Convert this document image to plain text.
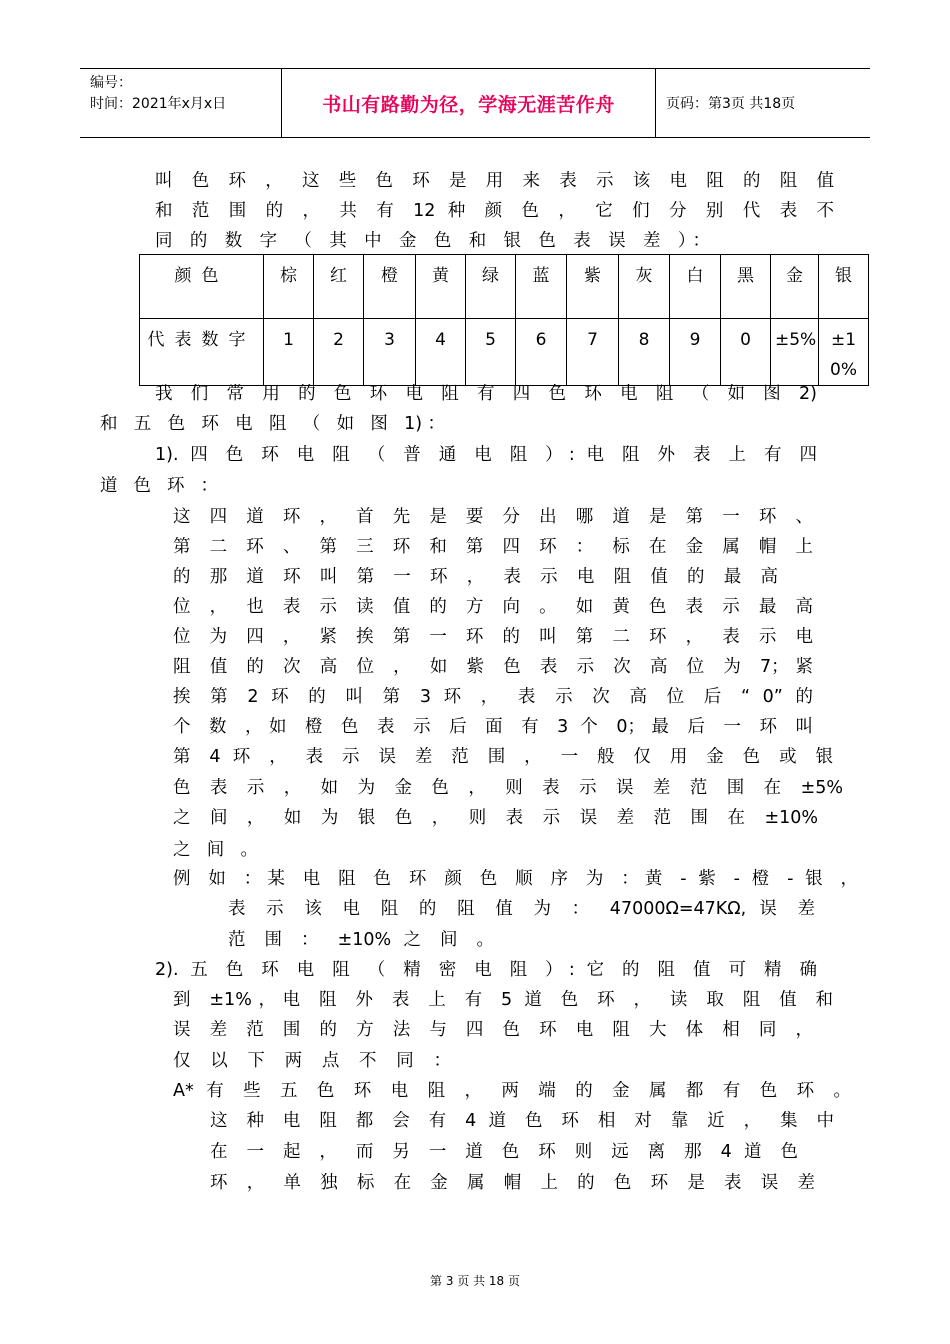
编号：
时间：2021年x月x日	书山有路勤为径，学海无涯苦作舟	页码：第3页 共18页
叫 色 环 ， 这 些 色 环 是 用 来 表 示 该 电 阻 的 阻 值
和 范 围 的 ， 共 有 12 种 颜 色 ， 它 们 分 别 代 表 不
同 的 数 字 （ 其 中 金 色 和 银 色 表 误 差 ）：
颜色	棕	红	橙	黄	绿	蓝	紫	灰	白	黑	金	银
代表数字	1	2	3	4	5	6	7	8	9	0	±5%	±10%
我 们 常 用 的 色 环 电 阻 有 四 色 环 电 阻 （ 如 图 2)
和 五 色 环 电 阻 （ 如 图 1)：
1). 四 色 环 电 阻 （ 普 通 电 阻 ）: 电 阻 外 表 上 有 四
道 色 环 ：
这 四 道 环 ， 首 先 是 要 分 出 哪 道 是 第 一 环 、
第 二 环 、 第 三 环 和 第 四 环 ： 标 在 金 属 帽 上
的 那 道 环 叫 第 一 环 ， 表 示 电 阻 值 的 最 高
位 ， 也 表 示 读 值 的 方 向 。 如 黄 色 表 示 最 高
位 为 四 ， 紧 挨 第 一 环 的 叫 第 二 环 ， 表 示 电
阻 值 的 次 高 位 ， 如 紫 色 表 示 次 高 位 为 7；紧
挨 第 2 环 的 叫 第 3 环 ， 表 示 次 高 位 后 “ 0” 的
个 数 ，如 橙 色 表 示 后 面 有 3 个 0；最 后 一 环 叫
第 4 环 ， 表 示 误 差 范 围 ， 一 般 仅 用 金 色 或 银
色 表 示 ， 如 为 金 色 ， 则 表 示 误 差 范 围 在 ±5%
之 间 ， 如 为 银 色 ， 则 表 示 误 差 范 围 在 ±10%
之 间 。
例 如 ：某 电 阻 色 环 颜 色 顺 序 为 ：黄 - 紫 - 橙 - 银 ，
表 示 该 电 阻 的 阻 值 为 ： 47000Ω=47KΩ, 误 差
范 围 ： ±10% 之 间 。
2). 五 色 环 电 阻 （ 精 密 电 阻 ）: 它 的 阻 值 可 精 确
到 ±1%，电 阻 外 表 上 有 5 道 色 环 ， 读 取 阻 值 和
误 差 范 围 的 方 法 与 四 色 环 电 阻 大 体 相 同 ，
仅 以 下 两 点 不 同 ：
A* 有 些 五 色 环 电 阻 ， 两 端 的 金 属 都 有 色 环 。
这 种 电 阻 都 会 有 4 道 色 环 相 对 靠 近 ， 集 中
在 一 起 ， 而 另 一 道 色 环 则 远 离 那 4 道 色
环 ， 单 独 标 在 金 属 帽 上 的 色 环 是 表 误 差
第 3 页 共 18 页
